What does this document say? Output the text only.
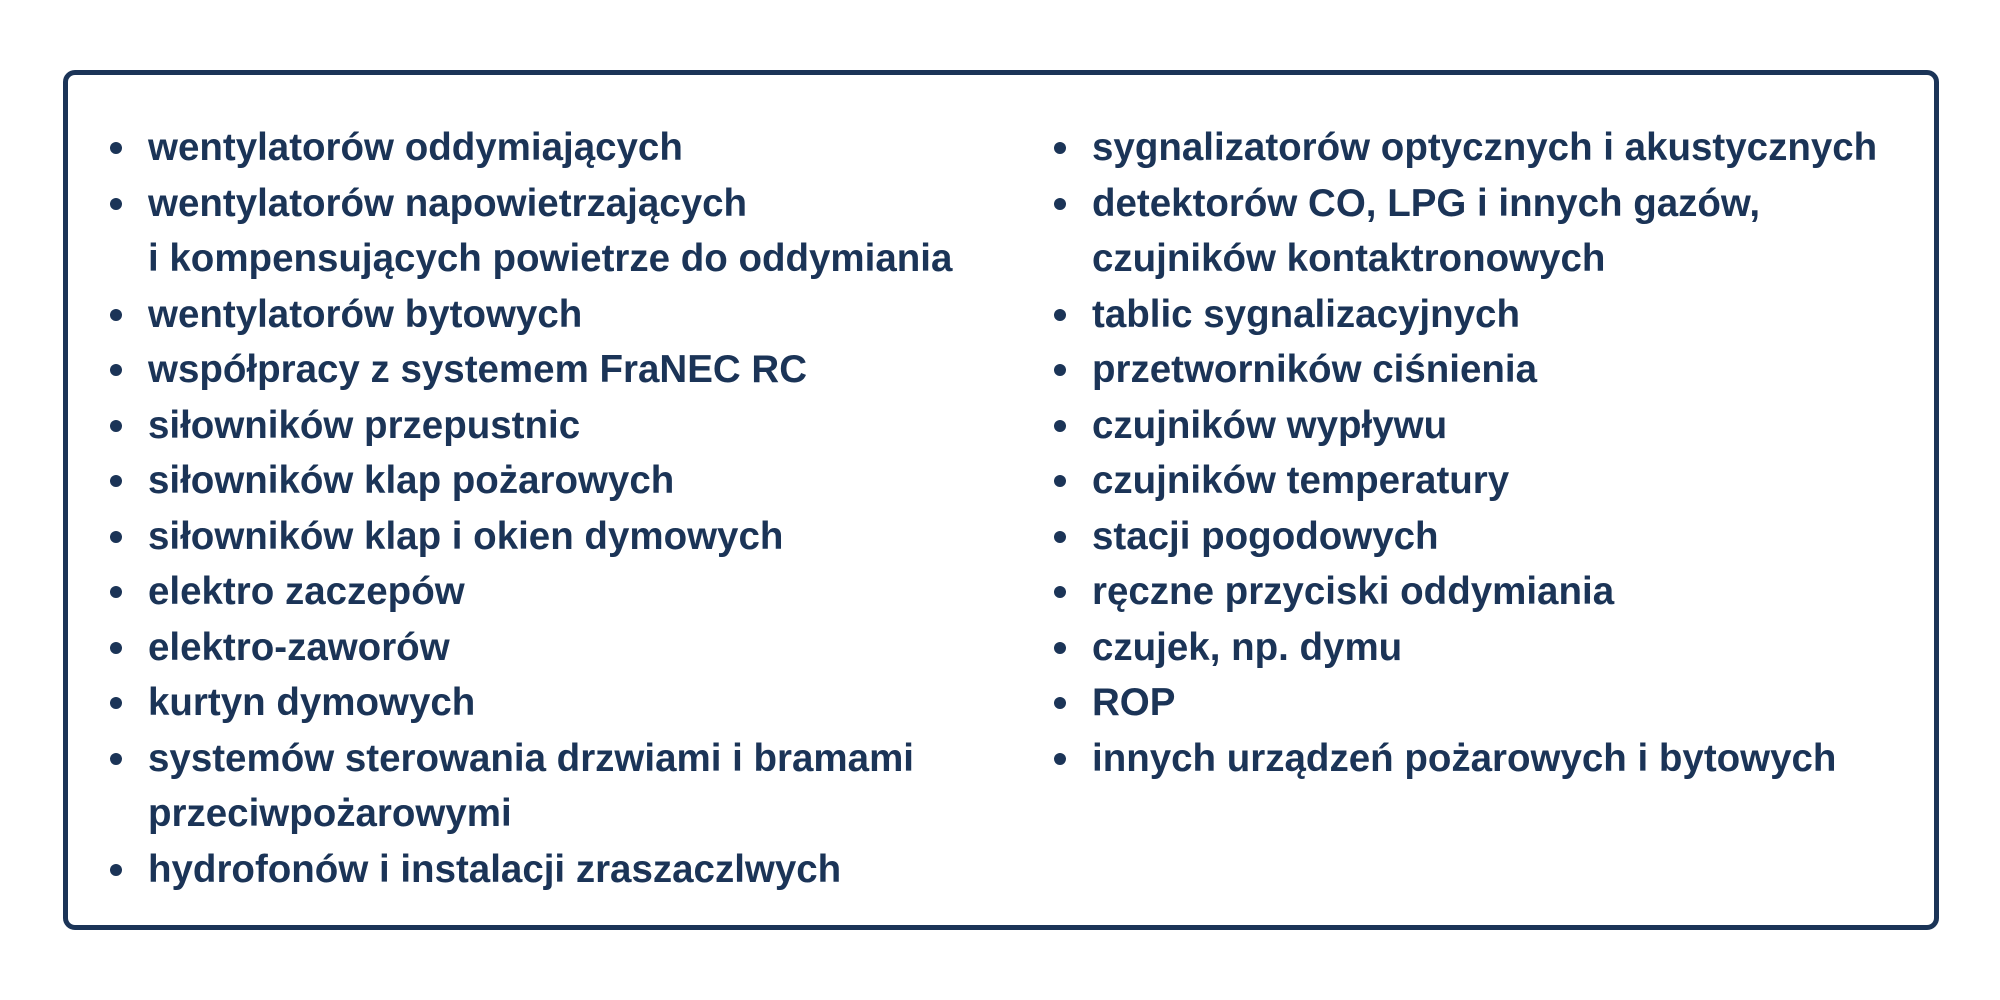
wentylatorów oddymiających
wentylatorów napowietrzających
i kompensujących powietrze do oddymiania
wentylatorów bytowych
współpracy z systemem FraNEC RC
siłowników przepustnic
siłowników klap pożarowych
siłowników klap i okien dymowych
elektro zaczepów
elektro-zaworów
kurtyn dymowych
systemów sterowania drzwiami i bramami
przeciwpożarowymi
hydrofonów i instalacji zraszaczlwych
sygnalizatorów optycznych i akustycznych
detektorów CO, LPG i innych gazów,
czujników kontaktronowych
tablic sygnalizacyjnych
przetworników ciśnienia
czujników wypływu
czujników temperatury
stacji pogodowych
ręczne przyciski oddymiania
czujek, np. dymu
ROP
innych urządzeń pożarowych i bytowych
